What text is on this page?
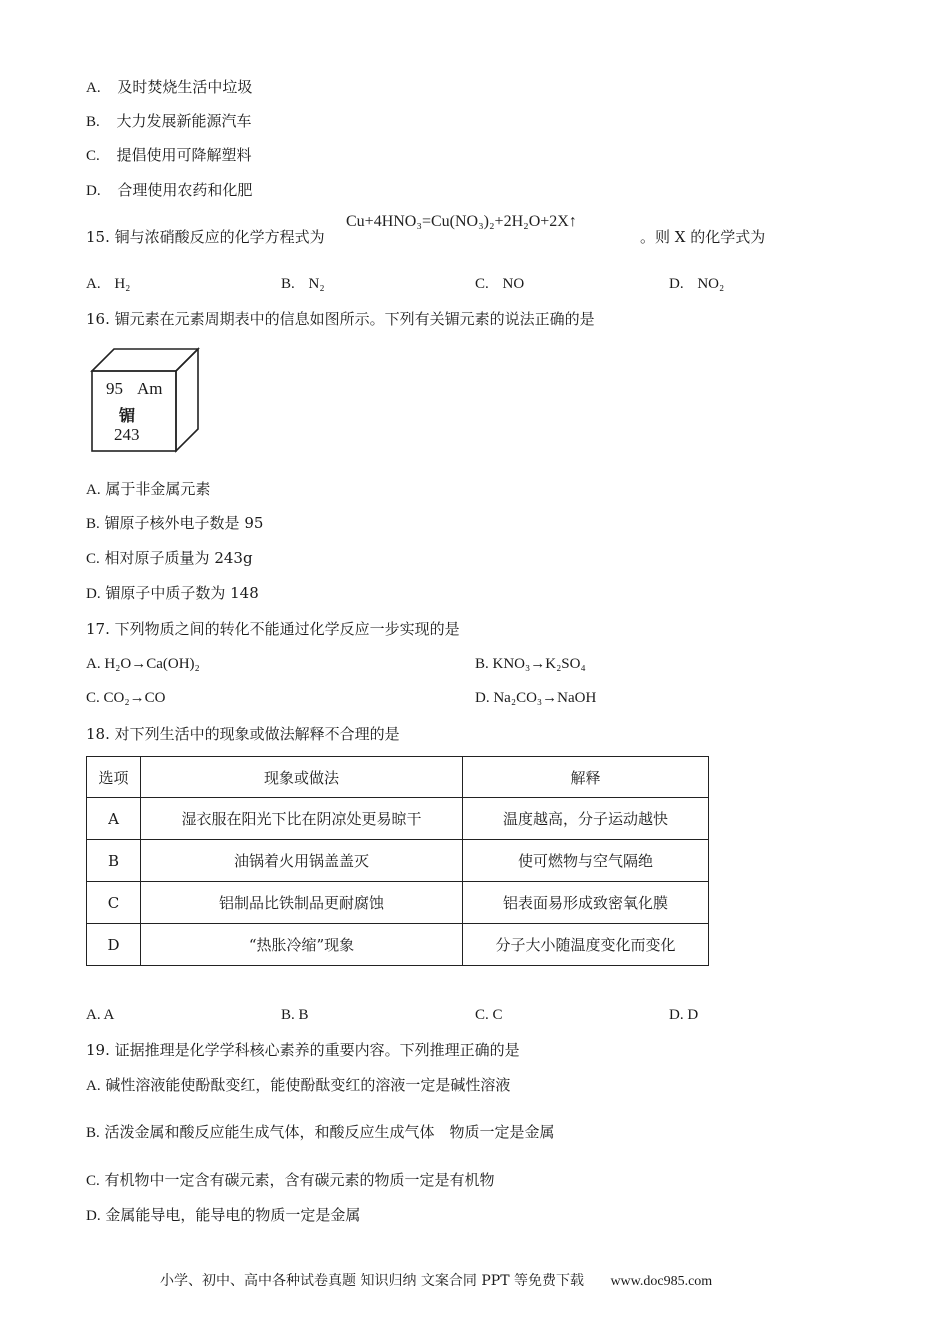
A. 及时焚烧生活中垃圾
B. 大力发展新能源汽车
C. 提倡使用可降解塑料
D. 合理使用农药和化肥
15. 铜与浓硝酸反应的化学方程式为
Cu+4HNO₃=Cu(NO₃)₂+2H₂O+2X↑
。则 X 的化学式为
A. H₂	B. N₂	C. NO	D. NO₂
16. 镅元素在元素周期表中的信息如图所示。下列有关镅元素的说法正确的是
95 Am
镅
243
A. 属于非金属元素
B. 镅原子核外电子数是 95
C. 相对原子质量为 243g
D. 镅原子中质子数为 148
17. 下列物质之间的转化不能通过化学反应一步实现的是
A. H₂O→Ca(OH)₂	B. KNO₃→K₂SO₄
C. CO₂→CO	D. Na₂CO₃→NaOH
18. 对下列生活中的现象或做法解释不合理的是
选项	现象或做法	解释
A	湿衣服在阳光下比在阴凉处更易晾干	温度越高，分子运动越快
B	油锅着火用锅盖盖灭	使可燃物与空气隔绝
C	铝制品比铁制品更耐腐蚀	铝表面易形成致密氧化膜
D	“热胀冷缩”现象	分子大小随温度变化而变化
A. A	B. B	C. C	D. D
19. 证据推理是化学学科核心素养的重要内容。下列推理正确的是
A. 碱性溶液能使酚酞变红，能使酚酞变红的溶液一定是碱性溶液
B. 活泼金属和酸反应能生成气体，和酸反应生成气体　物质一定是金属
C. 有机物中一定含有碳元素，含有碳元素的物质一定是有机物
D. 金属能导电，能导电的物质一定是金属
小学、初中、高中各种试卷真题 知识归纳 文案合同 PPT 等免费下载 www.doc985.com
